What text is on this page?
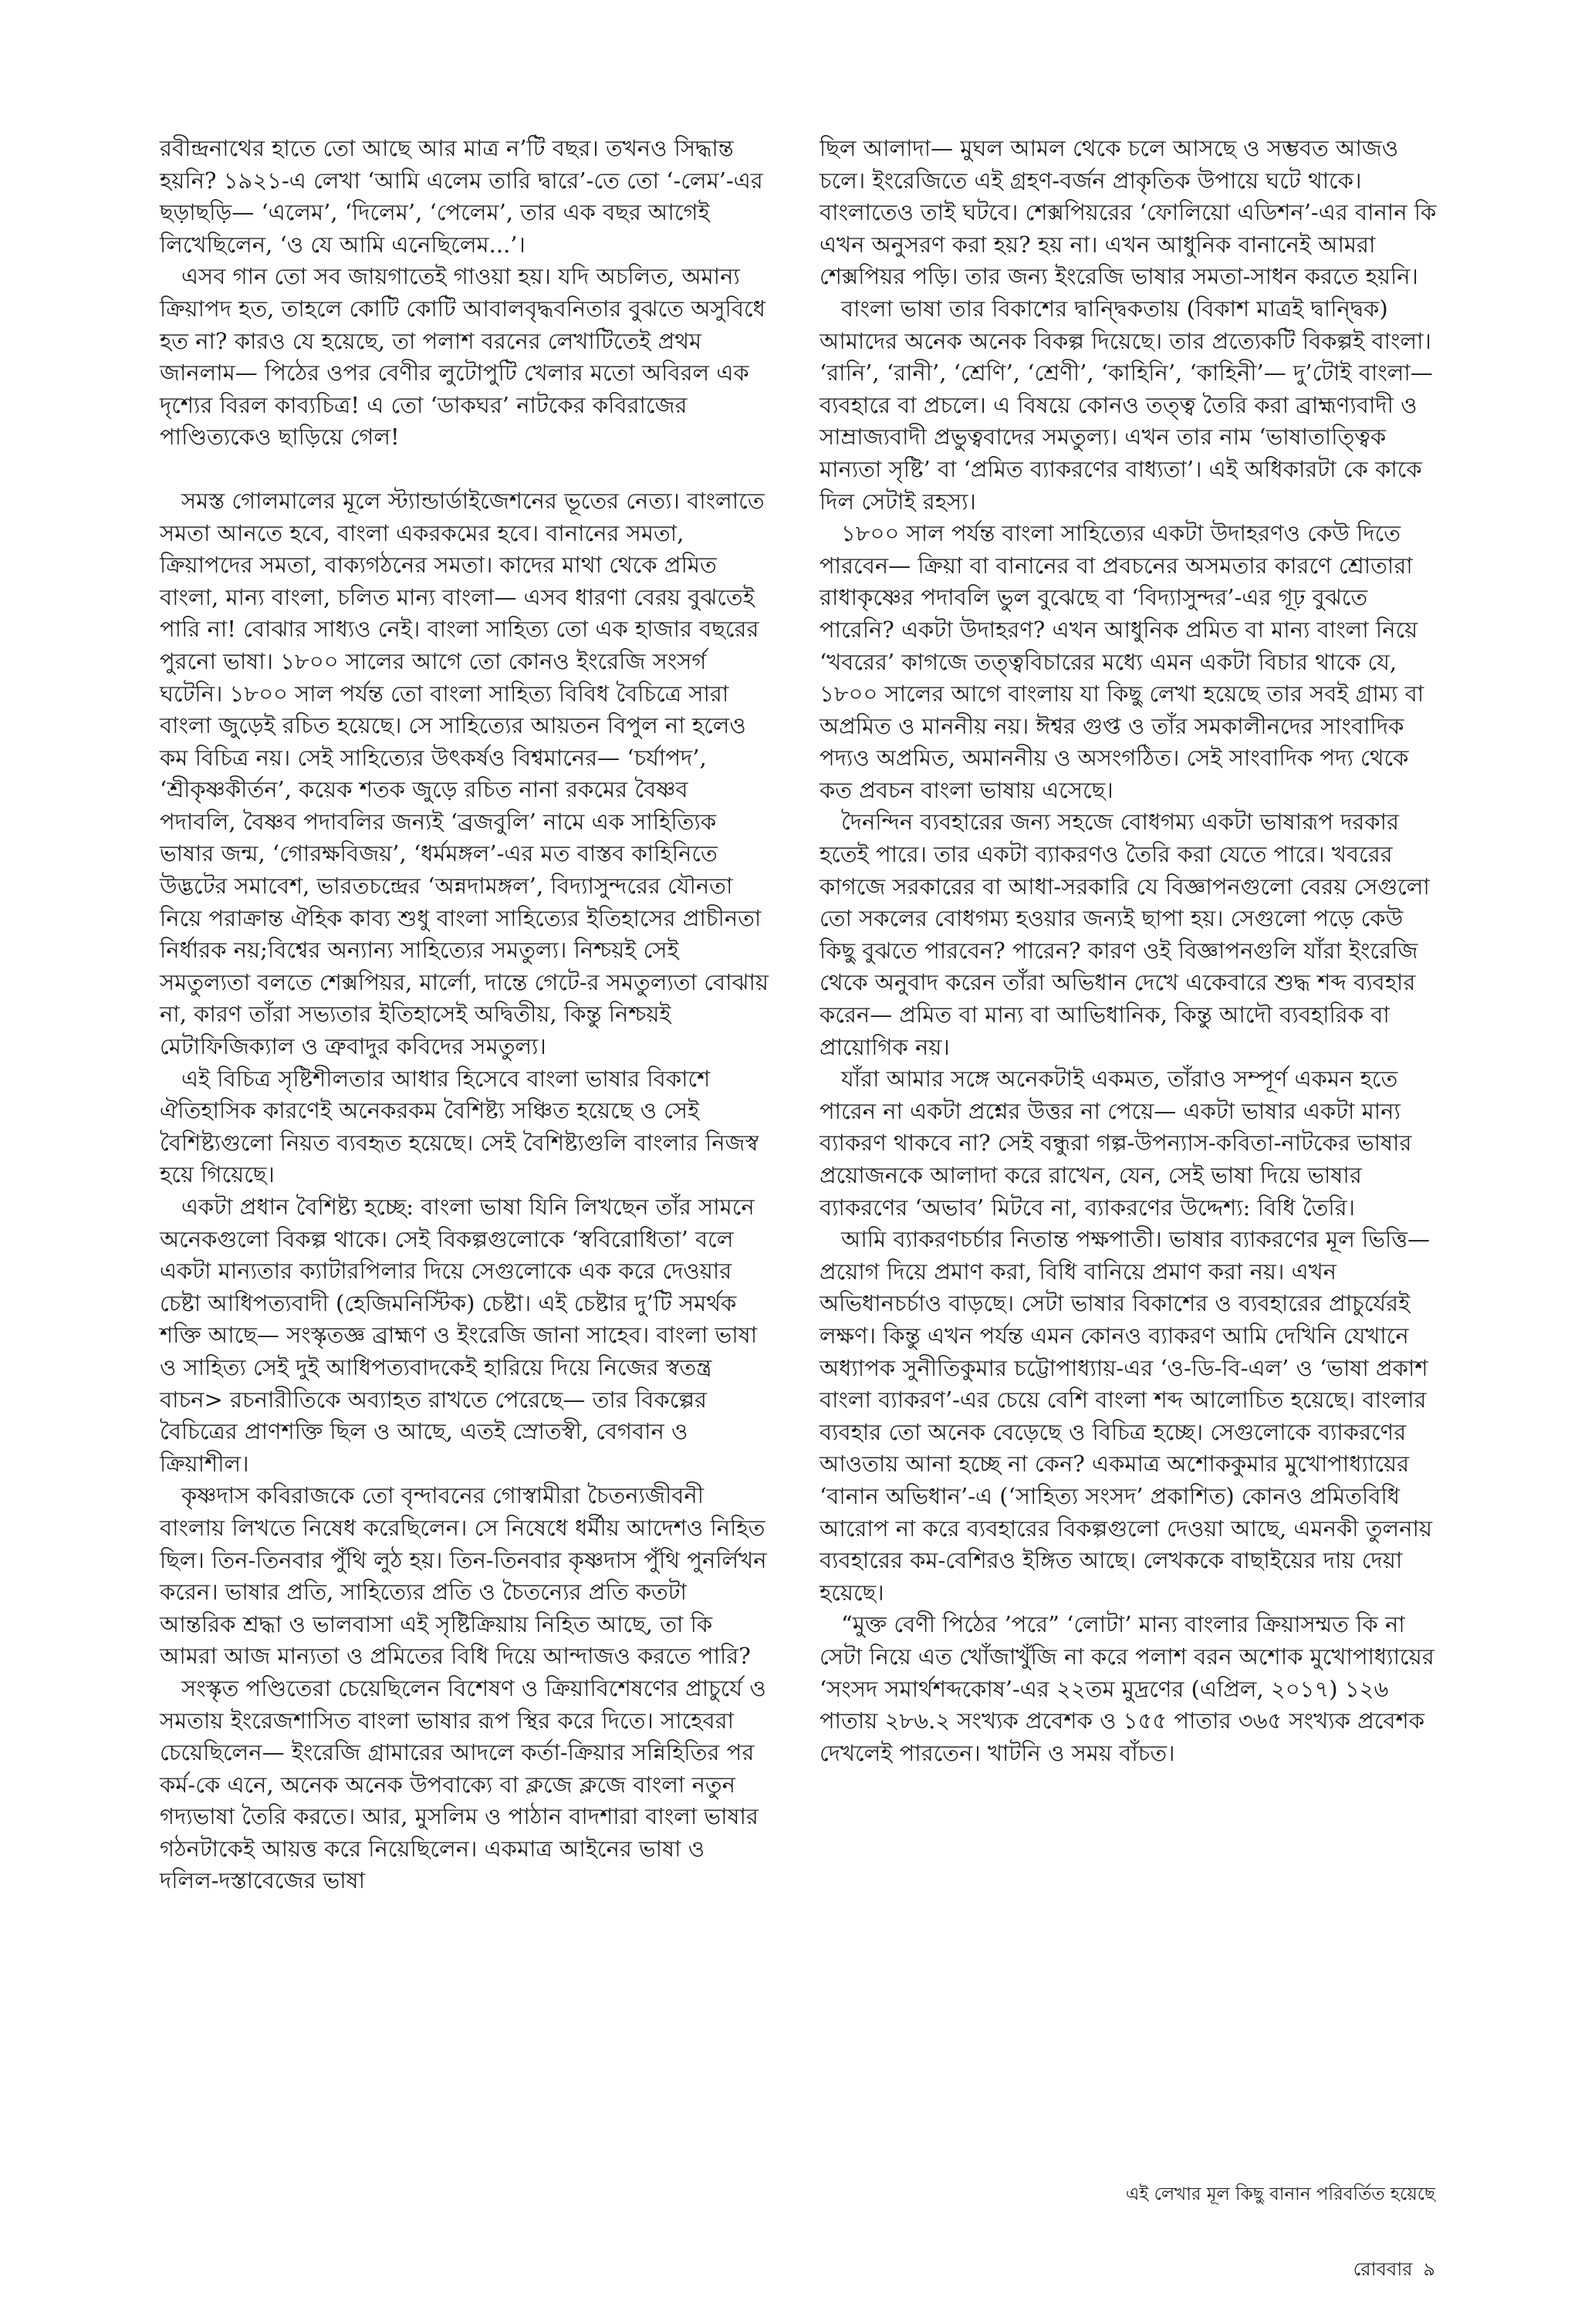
রবীন্দ্রনাথের হাতে তো আছে আর মাত্র ন’টি বছর। তখনও সিদ্ধান্ত হয়নি? ১৯২১-এ লেখা ‘আমি এলেম তারি দ্বারে’-তে তো ‘-লেম’-এর ছড়াছড়ি— ‘এলেম’, ‘দিলেম’, ‘পেলেম’, তার এক বছর আগেই লিখেছিলেন, ‘ও যে আমি এনেছিলেম...’।

এসব গান তো সব জায়গাতেই গাওয়া হয়। যদি অচলিত, অমান্য ক্রিয়াপদ হত, তাহলে কোটি কোটি আবালবৃদ্ধবনিতার বুঝতে অসুবিধে হত না? কারও যে হয়েছে, তা পলাশ বরনের লেখাটিতেই প্রথম জানলাম— পিঠের ওপর বেণীর লুটোপুটি খেলার মতো অবিরল এক দৃশ্যের বিরল কাব্যচিত্র! এ তো ‘ডাকঘর’ নাটকের কবিরাজের পাণ্ডিত্যকেও ছাড়িয়ে গেল!

সমস্ত গোলমালের মূলে স্ট্যান্ডার্ডাইজেশনের ভূতের নেত্য। বাংলাতে সমতা আনতে হবে, বাংলা একরকমের হবে। বানানের সমতা, ক্রিয়াপদের সমতা, বাক্যগঠনের সমতা। কাদের মাথা থেকে প্রমিত বাংলা, মান্য বাংলা, চলিত মান্য বাংলা— এসব ধারণা বেরয় বুঝতেই পারি না! বোঝার সাধ্যও নেই। বাংলা সাহিত্য তো এক হাজার বছরের পুরনো ভাষা। ১৮০০ সালের আগে তো কোনও ইংরেজি সংসর্গ ঘটেনি। ১৮০০ সাল পর্যন্ত তো বাংলা সাহিত্য বিবিধ বৈচিত্রে সারা বাংলা জুড়েই রচিত হয়েছে। সে সাহিত্যের আয়তন বিপুল না হলেও কম বিচিত্র নয়। সেই সাহিত্যের উৎকর্ষও বিশ্বমানের— ‘চর্যাপদ’, ‘শ্রীকৃষ্ণকীর্তন’, কয়েক শতক জুড়ে রচিত নানা রকমের বৈষ্ণব পদাবলি, বৈষ্ণব পদাবলির জন্যই ‘ব্রজবুলি’ নামে এক সাহিত্যিক ভাষার জন্ম, ‘গোরক্ষবিজয়’, ‘ধর্মমঙ্গল’-এর মত বাস্তব কাহিনিতে উদ্ভটের সমাবেশ, ভারতচন্দ্রের ‘অন্নদামঙ্গল’, বিদ্যাসুন্দরের যৌনতা নিয়ে পরাক্রান্ত ঐহিক কাব্য শুধু বাংলা সাহিত্যের ইতিহাসের প্রাচীনতা নির্ধারক নয়;বিশ্বের অন্যান্য সাহিত্যের সমতুল্য। নিশ্চয়ই সেই সমতুল্যতা বলতে শেক্সপিয়র, মার্লো, দান্তে গেটে-র সমতুল্যতা বোঝায় না, কারণ তাঁরা সভ্যতার ইতিহাসেই অদ্বিতীয়, কিন্তু নিশ্চয়ই মেটাফিজিক্যাল ও ত্রুবাদুর কবিদের সমতুল্য।

এই বিচিত্র সৃষ্টিশীলতার আধার হিসেবে বাংলা ভাষার বিকাশে ঐতিহাসিক কারণেই অনেকরকম বৈশিষ্ট্য সঞ্চিত হয়েছে ও সেই বৈশিষ্ট্যগুলো নিয়ত ব্যবহৃত হয়েছে। সেই বৈশিষ্ট্যগুলি বাংলার নিজস্ব হয়ে গিয়েছে।

একটা প্রধান বৈশিষ্ট্য হচ্ছে: বাংলা ভাষা যিনি লিখছেন তাঁর সামনে অনেকগুলো বিকল্প থাকে। সেই বিকল্পগুলোকে ‘স্ববিরোধিতা’ বলে একটা মান্যতার ক্যাটারপিলার দিয়ে সেগুলোকে এক করে দেওয়ার চেষ্টা আধিপত্যবাদী (হেজিমনিস্টিক) চেষ্টা। এই চেষ্টার দু’টি সমর্থক শক্তি আছে— সংস্কৃতজ্ঞ ব্রাহ্মণ ও ইংরেজি জানা সাহেব। বাংলা ভাষা ও সাহিত্য সেই দুই আধিপত্যবাদকেই হারিয়ে দিয়ে নিজের স্বতন্ত্র বাচন> রচনারীতিকে অব্যাহত রাখতে পেরেছে— তার বিকল্পের বৈচিত্রের প্রাণশক্তি ছিল ও আছে, এতই স্রোতস্বী, বেগবান ও ক্রিয়াশীল।

কৃষ্ণদাস কবিরাজকে তো বৃন্দাবনের গোস্বামীরা চৈতন্যজীবনী বাংলায় লিখতে নিষেধ করেছিলেন। সে নিষেধে ধর্মীয় আদেশও নিহিত ছিল। তিন-তিনবার পুঁথি লুঠ হয়। তিন-তিনবার কৃষ্ণদাস পুঁথি পুনর্লিখন করেন। ভাষার প্রতি, সাহিত্যের প্রতি ও চৈতন্যের প্রতি কতটা আন্তরিক শ্রদ্ধা ও ভালবাসা এই সৃষ্টিক্রিয়ায় নিহিত আছে, তা কি আমরা আজ মান্যতা ও প্রমিতের বিধি দিয়ে আন্দাজও করতে পারি?

সংস্কৃত পণ্ডিতেরা চেয়েছিলেন বিশেষণ ও ক্রিয়াবিশেষণের প্রাচুর্যে ও সমতায় ইংরেজশাসিত বাংলা ভাষার রূপ স্থির করে দিতে। সাহেবরা চেয়েছিলেন— ইংরেজি গ্রামারের আদলে কর্তা-ক্রিয়ার সন্নিহিতির পর কর্ম-কে এনে, অনেক অনেক উপবাক্যে বা ক্লজে ক্লজে বাংলা নতুন গদ্যভাষা তৈরি করতে। আর, মুসলিম ও পাঠান বাদশারা বাংলা ভাষার গঠনটাকেই আয়ত্ত করে নিয়েছিলেন। একমাত্র আইনের ভাষা ও দলিল-দস্তাবেজের ভাষা

ছিল আলাদা— মুঘল আমল থেকে চলে আসছে ও সম্ভবত আজও চলে। ইংরেজিতে এই গ্রহণ-বর্জন প্রাকৃতিক উপায়ে ঘটে থাকে। বাংলাতেও তাই ঘটবে। শেক্সপিয়রের ‘ফোলিয়ো এডিশন’-এর বানান কি এখন অনুসরণ করা হয়? হয় না। এখন আধুনিক বানানেই আমরা শেক্সপিয়র পড়ি। তার জন্য ইংরেজি ভাষার সমতা-সাধন করতে হয়নি।

বাংলা ভাষা তার বিকাশের দ্বান্দ্বিকতায় (বিকাশ মাত্রই দ্বান্দ্বিক) আমাদের অনেক অনেক বিকল্প দিয়েছে। তার প্রত্যেকটি বিকল্পই বাংলা। ‘রানি’, ‘রানী’, ‘শ্রেণি’, ‘শ্রেণী’, ‘কাহিনি’, ‘কাহিনী’— দু’টোই বাংলা— ব্যবহারে বা প্রচলে। এ বিষয়ে কোনও তত্ত্ব তৈরি করা ব্রাহ্মণ্যবাদী ও সাম্রাজ্যবাদী প্রভুত্ববাদের সমতুল্য। এখন তার নাম ‘ভাষাতাত্ত্বিক মান্যতা সৃষ্টি’ বা ‘প্রমিত ব্যাকরণের বাধ্যতা’। এই অধিকারটা কে কাকে দিল সেটাই রহস্য।

১৮০০ সাল পর্যন্ত বাংলা সাহিত্যের একটা উদাহরণও কেউ দিতে পারবেন— ক্রিয়া বা বানানের বা প্রবচনের অসমতার কারণে শ্রোতারা রাধাকৃষ্ণের পদাবলি ভুল বুঝেছে বা ‘বিদ্যাসুন্দর’-এর গূঢ় বুঝতে পারেনি? একটা উদাহরণ? এখন আধুনিক প্রমিত বা মান্য বাংলা নিয়ে ‘খবরের’ কাগজে তত্ত্ববিচারের মধ্যে এমন একটা বিচার থাকে যে, ১৮০০ সালের আগে বাংলায় যা কিছু লেখা হয়েছে তার সবই গ্রাম্য বা অপ্রমিত ও মাননীয় নয়। ঈশ্বর গুপ্ত ও তাঁর সমকালীনদের সাংবাদিক পদ্যও অপ্রমিত, অমাননীয় ও অসংগঠিত। সেই সাংবাদিক পদ্য থেকে কত প্রবচন বাংলা ভাষায় এসেছে।

দৈনন্দিন ব্যবহারের জন্য সহজে বোধগম্য একটা ভাষারূপ দরকার হতেই পারে। তার একটা ব্যাকরণও তৈরি করা যেতে পারে। খবরের কাগজে সরকারের বা আধা-সরকারি যে বিজ্ঞাপনগুলো বেরয় সেগুলো তো সকলের বোধগম্য হওয়ার জন্যই ছাপা হয়। সেগুলো পড়ে কেউ কিছু বুঝতে পারবেন? পারেন? কারণ ওই বিজ্ঞাপনগুলি যাঁরা ইংরেজি থেকে অনুবাদ করেন তাঁরা অভিধান দেখে একেবারে শুদ্ধ শব্দ ব্যবহার করেন— প্রমিত বা মান্য বা আভিধানিক, কিন্তু আদৌ ব্যবহারিক বা প্রায়োগিক নয়।

যাঁরা আমার সঙ্গে অনেকটাই একমত, তাঁরাও সম্পূর্ণ একমন হতে পারেন না একটা প্রশ্নের উত্তর না পেয়ে— একটা ভাষার একটা মান্য ব্যাকরণ থাকবে না? সেই বন্ধুরা গল্প-উপন্যাস-কবিতা-নাটকের ভাষার প্রয়োজনকে আলাদা করে রাখেন, যেন, সেই ভাষা দিয়ে ভাষার ব্যাকরণের ‘অভাব’ মিটবে না, ব্যাকরণের উদ্দেশ্য: বিধি তৈরি।

আমি ব্যাকরণচর্চার নিতান্ত পক্ষপাতী। ভাষার ব্যাকরণের মূল ভিত্তি— প্রয়োগ দিয়ে প্রমাণ করা, বিধি বানিয়ে প্রমাণ করা নয়। এখন অভিধানচর্চাও বাড়ছে। সেটা ভাষার বিকাশের ও ব্যবহারের প্রাচুর্যেরই লক্ষণ। কিন্তু এখন পর্যন্ত এমন কোনও ব্যাকরণ আমি দেখিনি যেখানে অধ্যাপক সুনীতিকুমার চট্টোপাধ্যায়-এর ‘ও-ডি-বি-এল’ ও ‘ভাষা প্রকাশ বাংলা ব্যাকরণ’-এর চেয়ে বেশি বাংলা শব্দ আলোচিত হয়েছে। বাংলার ব্যবহার তো অনেক বেড়েছে ও বিচিত্র হচ্ছে। সেগুলোকে ব্যাকরণের আওতায় আনা হচ্ছে না কেন? একমাত্র অশোককুমার মুখোপাধ্যায়ের ‘বানান অভিধান’-এ (‘সাহিত্য সংসদ’ প্রকাশিত) কোনও প্রমিতবিধি আরোপ না করে ব্যবহারের বিকল্পগুলো দেওয়া আছে, এমনকী তুলনায় ব্যবহারের কম-বেশিরও ইঙ্গিত আছে। লেখককে বাছাইয়ের দায় দেয়া হয়েছে।

“মুক্ত বেণী পিঠের ’পরে” ‘লোটা’ মান্য বাংলার ক্রিয়াসম্মত কি না সেটা নিয়ে এত খোঁজাখুঁজি না করে পলাশ বরন অশোক মুখোপাধ্যায়ের ‘সংসদ সমার্থশব্দকোষ’-এর ২২তম মুদ্রণের (এপ্রিল, ২০১৭) ১২৬ পাতায় ২৮৬.২ সংখ্যক প্রবেশক ও ১৫৫ পাতার ৩৬৫ সংখ্যক প্রবেশক দেখলেই পারতেন। খাটনি ও সময় বাঁচত।

এই লেখার মূল কিছু বানান পরিবর্তিত হয়েছে
রোববার ৯
